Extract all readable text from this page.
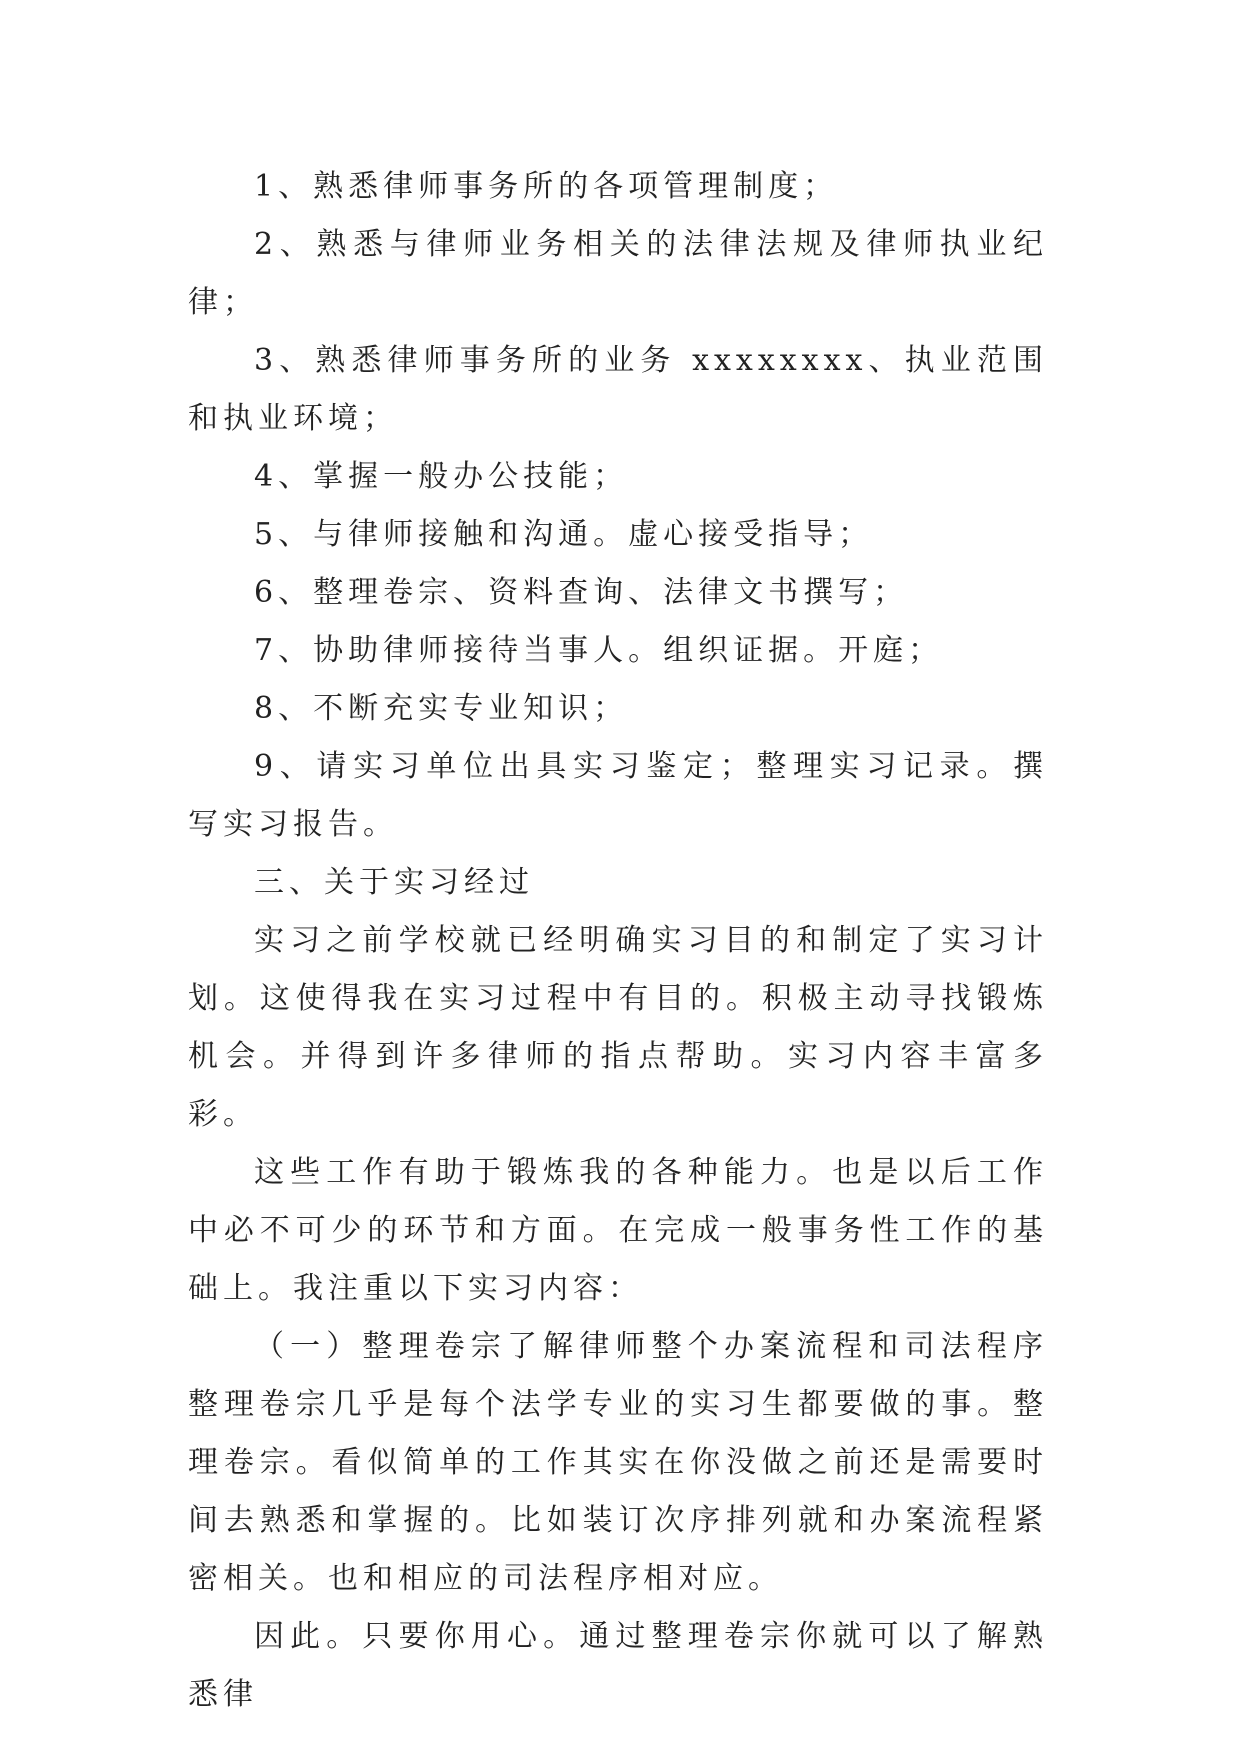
1、熟悉律师事务所的各项管理制度；

2、熟悉与律师业务相关的法律法规及律师执业纪律；

3、熟悉律师事务所的业务 xxxxxxxx、执业范围和执业环境；

4、掌握一般办公技能；

5、与律师接触和沟通。虚心接受指导；

6、整理卷宗、资料查询、法律文书撰写；

7、协助律师接待当事人。组织证据。开庭；

8、不断充实专业知识；

9、请实习单位出具实习鉴定；整理实习记录。撰写实习报告。

三、关于实习经过

实习之前学校就已经明确实习目的和制定了实习计划。这使得我在实习过程中有目的。积极主动寻找锻炼机会。并得到许多律师的指点帮助。实习内容丰富多彩。

这些工作有助于锻炼我的各种能力。也是以后工作中必不可少的环节和方面。在完成一般事务性工作的基础上。我注重以下实习内容：

（一）整理卷宗了解律师整个办案流程和司法程序 整理卷宗几乎是每个法学专业的实习生都要做的事。整理卷宗。看似简单的工作其实在你没做之前还是需要时间去熟悉和掌握的。比如装订次序排列就和办案流程紧密相关。也和相应的司法程序相对应。

因此。只要你用心。通过整理卷宗你就可以了解熟悉律
